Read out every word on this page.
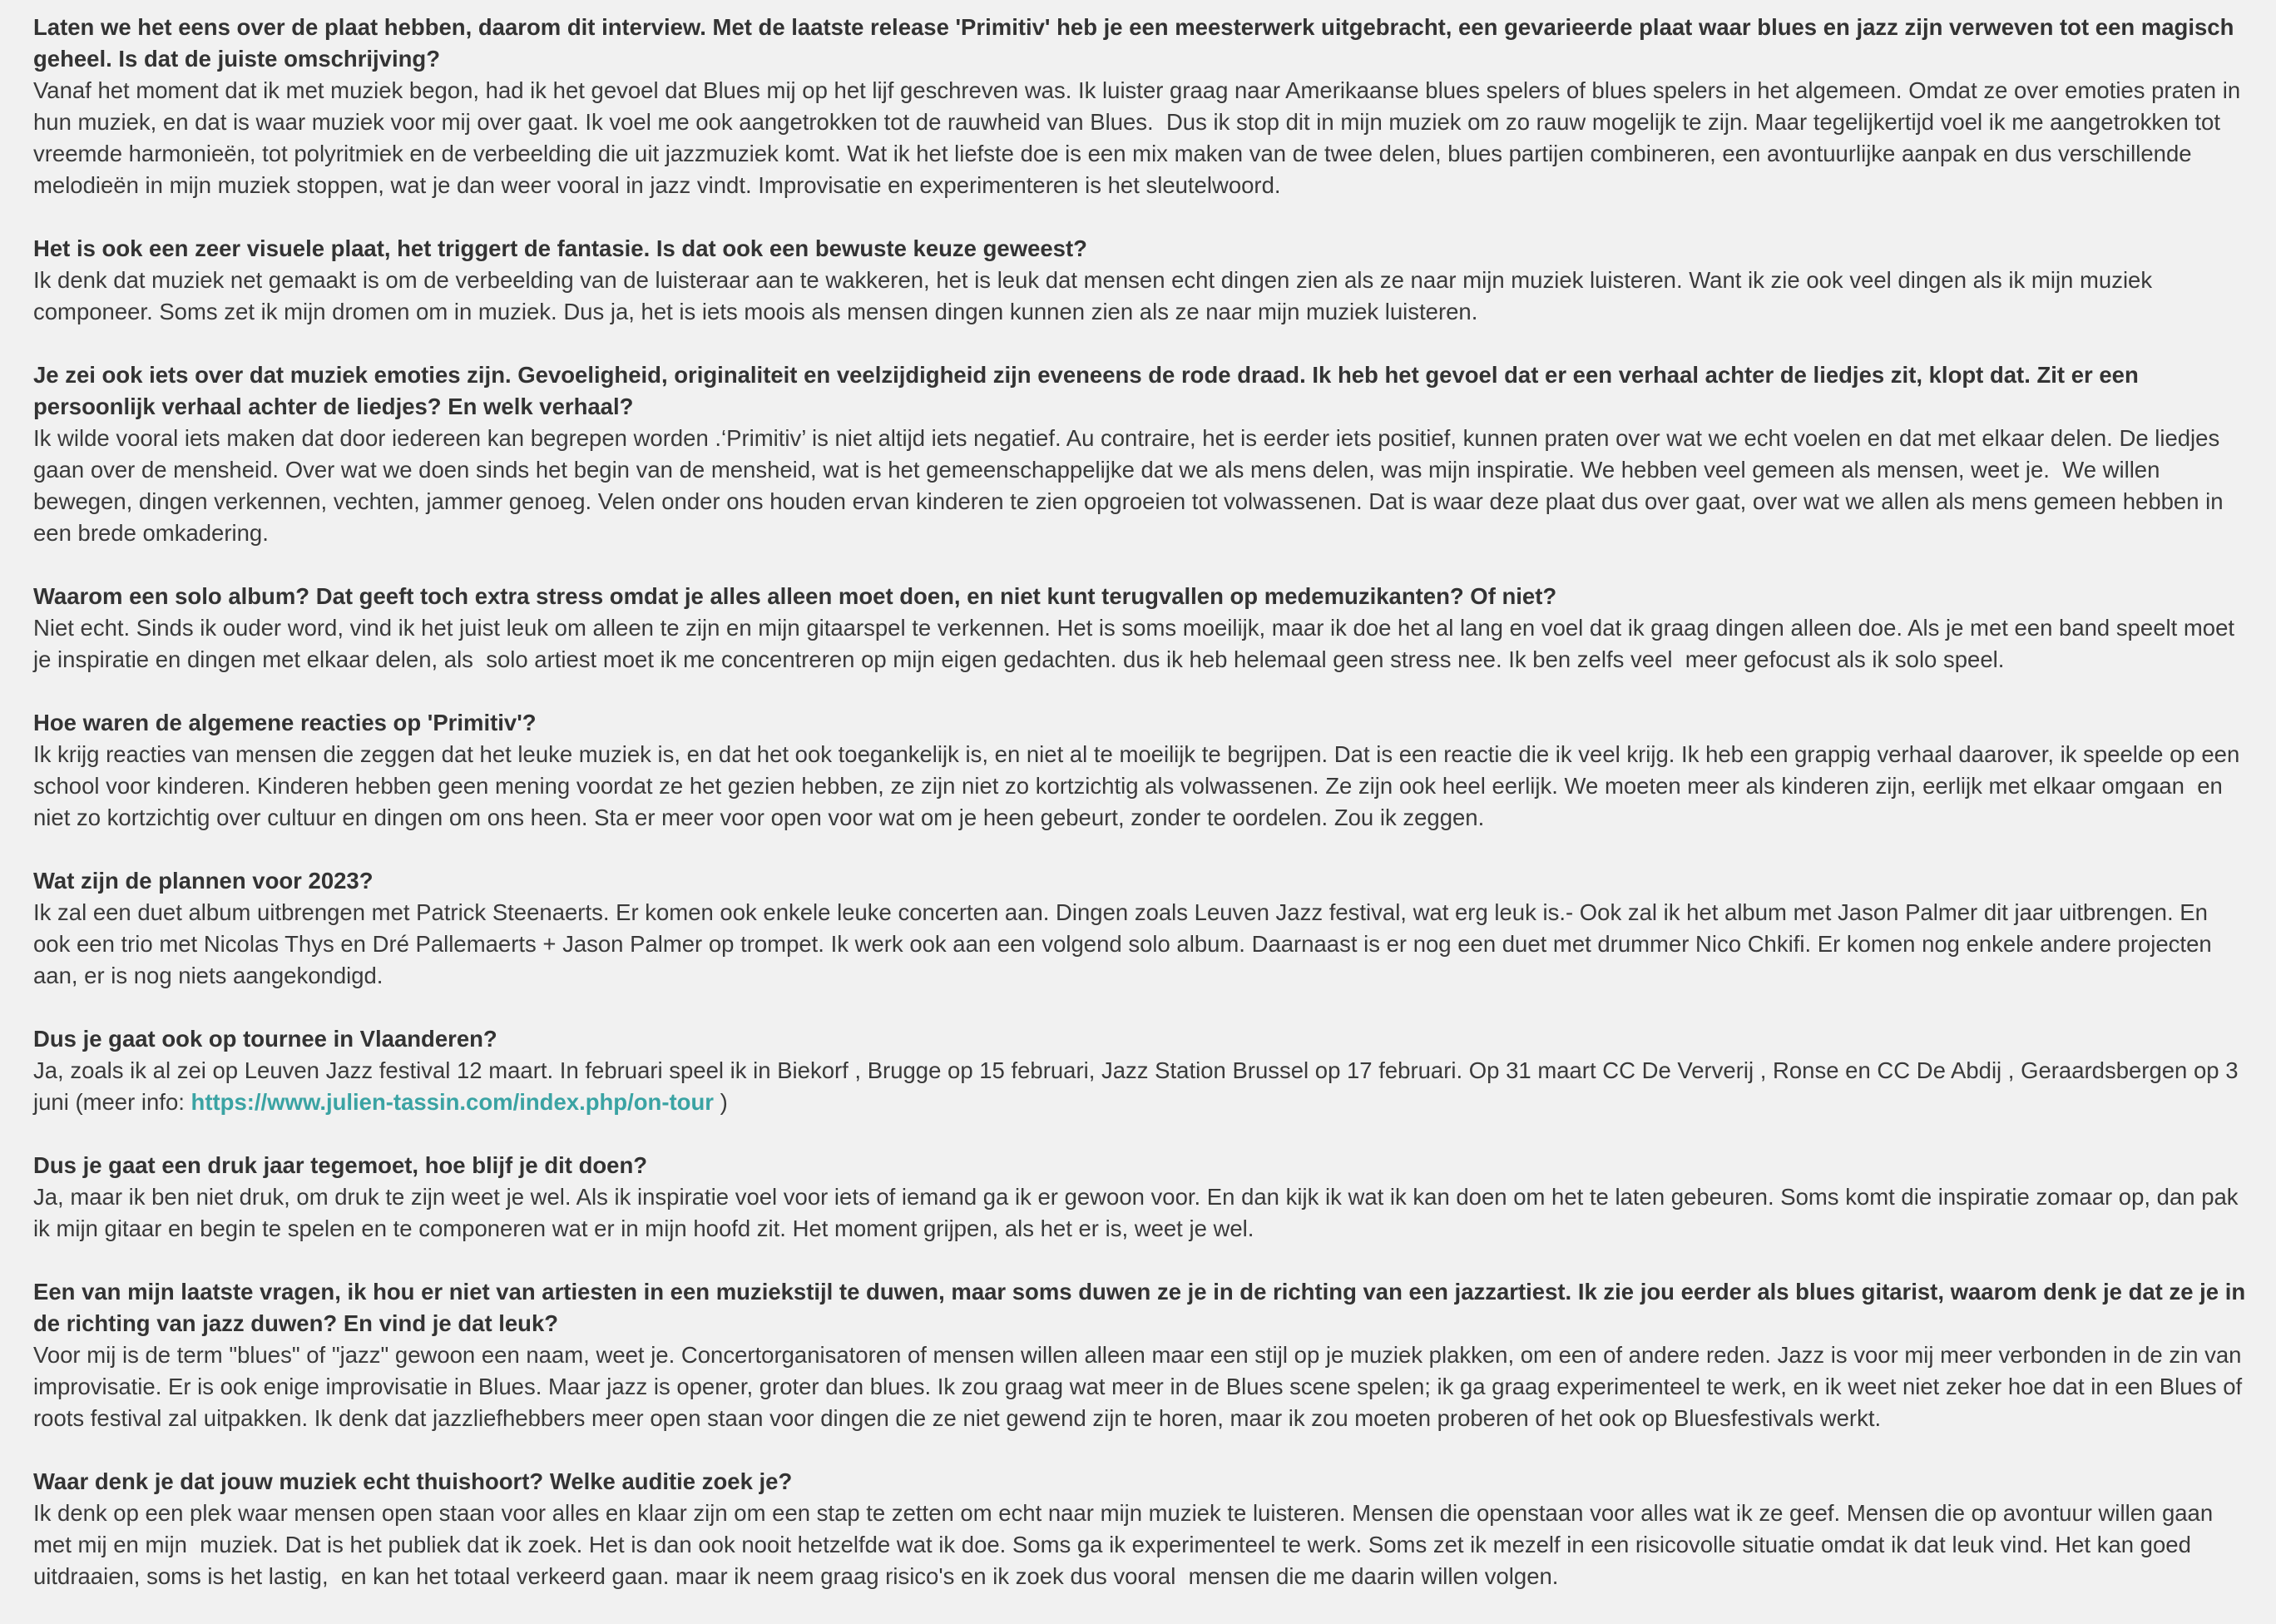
Laten we het eens over de plaat hebben, daarom dit interview. Met de laatste release 'Primitiv' heb je een meesterwerk uitgebracht, een gevarieerde plaat waar blues en jazz zijn verweven tot een magisch geheel. Is dat de juiste omschrijving?

Vanaf het moment dat ik met muziek begon, had ik het gevoel dat Blues mij op het lijf geschreven was. Ik luister graag naar Amerikaanse blues spelers of blues spelers in het algemeen. Omdat ze over emoties praten in hun muziek, en dat is waar muziek voor mij over gaat. Ik voel me ook aangetrokken tot de rauwheid van Blues.  Dus ik stop dit in mijn muziek om zo rauw mogelijk te zijn. Maar tegelijkertijd voel ik me aangetrokken tot vreemde harmonieën, tot polyritmiek en de verbeelding die uit jazzmuziek komt. Wat ik het liefste doe is een mix maken van de twee delen, blues partijen combineren, een avontuurlijke aanpak en dus verschillende melodieën in mijn muziek stoppen, wat je dan weer vooral in jazz vindt. Improvisatie en experimenteren is het sleutelwoord.

Het is ook een zeer visuele plaat, het triggert de fantasie. Is dat ook een bewuste keuze geweest?

Ik denk dat muziek net gemaakt is om de verbeelding van de luisteraar aan te wakkeren, het is leuk dat mensen echt dingen zien als ze naar mijn muziek luisteren. Want ik zie ook veel dingen als ik mijn muziek componeer. Soms zet ik mijn dromen om in muziek. Dus ja, het is iets moois als mensen dingen kunnen zien als ze naar mijn muziek luisteren.

Je zei ook iets over dat muziek emoties zijn. Gevoeligheid, originaliteit en veelzijdigheid zijn eveneens de rode draad. Ik heb het gevoel dat er een verhaal achter de liedjes zit, klopt dat. Zit er een persoonlijk verhaal achter de liedjes? En welk verhaal?

Ik wilde vooral iets maken dat door iedereen kan begrepen worden .‘Primitiv’ is niet altijd iets negatief. Au contraire, het is eerder iets positief, kunnen praten over wat we echt voelen en dat met elkaar delen. De liedjes gaan over de mensheid. Over wat we doen sinds het begin van de mensheid, wat is het gemeenschappelijke dat we als mens delen, was mijn inspiratie. We hebben veel gemeen als mensen, weet je.  We willen bewegen, dingen verkennen, vechten, jammer genoeg. Velen onder ons houden ervan kinderen te zien opgroeien tot volwassenen. Dat is waar deze plaat dus over gaat, over wat we allen als mens gemeen hebben in een brede omkadering.

Waarom een solo album? Dat geeft toch extra stress omdat je alles alleen moet doen, en niet kunt terugvallen op medemuzikanten? Of niet?

Niet echt. Sinds ik ouder word, vind ik het juist leuk om alleen te zijn en mijn gitaarspel te verkennen. Het is soms moeilijk, maar ik doe het al lang en voel dat ik graag dingen alleen doe. Als je met een band speelt moet je inspiratie en dingen met elkaar delen, als  solo artiest moet ik me concentreren op mijn eigen gedachten. dus ik heb helemaal geen stress nee. Ik ben zelfs veel  meer gefocust als ik solo speel.

Hoe waren de algemene reacties op 'Primitiv'?

Ik krijg reacties van mensen die zeggen dat het leuke muziek is, en dat het ook toegankelijk is, en niet al te moeilijk te begrijpen. Dat is een reactie die ik veel krijg. Ik heb een grappig verhaal daarover, ik speelde op een school voor kinderen. Kinderen hebben geen mening voordat ze het gezien hebben, ze zijn niet zo kortzichtig als volwassenen. Ze zijn ook heel eerlijk. We moeten meer als kinderen zijn, eerlijk met elkaar omgaan  en niet zo kortzichtig over cultuur en dingen om ons heen. Sta er meer voor open voor wat om je heen gebeurt, zonder te oordelen. Zou ik zeggen.

Wat zijn de plannen voor 2023?

Ik zal een duet album uitbrengen met Patrick Steenaerts. Er komen ook enkele leuke concerten aan. Dingen zoals Leuven Jazz festival, wat erg leuk is.- Ook zal ik het album met Jason Palmer dit jaar uitbrengen. En ook een trio met Nicolas Thys en Dré Pallemaerts + Jason Palmer op trompet. Ik werk ook aan een volgend solo album. Daarnaast is er nog een duet met drummer Nico Chkifi. Er komen nog enkele andere projecten aan, er is nog niets aangekondigd.

Dus je gaat ook op tournee in Vlaanderen?

Ja, zoals ik al zei op Leuven Jazz festival 12 maart. In februari speel ik in Biekorf , Brugge op 15 februari, Jazz Station Brussel op 17 februari. Op 31 maart CC De Ververij , Ronse en CC De Abdij , Geraardsbergen op 3 juni (meer info: https://www.julien-tassin.com/index.php/on-tour )

Dus je gaat een druk jaar tegemoet, hoe blijf je dit doen?

Ja, maar ik ben niet druk, om druk te zijn weet je wel. Als ik inspiratie voel voor iets of iemand ga ik er gewoon voor. En dan kijk ik wat ik kan doen om het te laten gebeuren. Soms komt die inspiratie zomaar op, dan pak ik mijn gitaar en begin te spelen en te componeren wat er in mijn hoofd zit. Het moment grijpen, als het er is, weet je wel.

Een van mijn laatste vragen, ik hou er niet van artiesten in een muziekstijl te duwen, maar soms duwen ze je in de richting van een jazzartiest. Ik zie jou eerder als blues gitarist, waarom denk je dat ze je in de richting van jazz duwen? En vind je dat leuk?

Voor mij is de term "blues" of "jazz" gewoon een naam, weet je. Concertorganisatoren of mensen willen alleen maar een stijl op je muziek plakken, om een of andere reden. Jazz is voor mij meer verbonden in de zin van improvisatie. Er is ook enige improvisatie in Blues. Maar jazz is opener, groter dan blues. Ik zou graag wat meer in de Blues scene spelen; ik ga graag experimenteel te werk, en ik weet niet zeker hoe dat in een Blues of roots festival zal uitpakken. Ik denk dat jazzliefhebbers meer open staan voor dingen die ze niet gewend zijn te horen, maar ik zou moeten proberen of het ook op Bluesfestivals werkt.

Waar denk je dat jouw muziek echt thuishoort? Welke auditie zoek je?

Ik denk op een plek waar mensen open staan voor alles en klaar zijn om een stap te zetten om echt naar mijn muziek te luisteren. Mensen die openstaan voor alles wat ik ze geef. Mensen die op avontuur willen gaan met mij en mijn  muziek. Dat is het publiek dat ik zoek. Het is dan ook nooit hetzelfde wat ik doe. Soms ga ik experimenteel te werk. Soms zet ik mezelf in een risicovolle situatie omdat ik dat leuk vind. Het kan goed uitdraaien, soms is het lastig,  en kan het totaal verkeerd gaan. maar ik neem graag risico's en ik zoek dus vooral  mensen die me daarin willen volgen.
